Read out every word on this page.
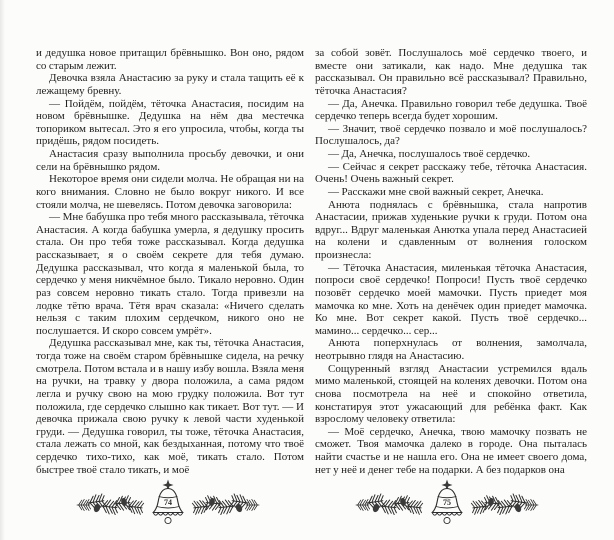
и дедушка новое притащил брёвнышко. Вон оно, рядом со старым лежит.

Девочка взяла Анастасию за руку и стала тащить её к лежащему бревну.

— Пойдём, пойдём, тёточка Анастасия, посидим на новом брёвнышке. Дедушка на нём два местечка топориком вытесал. Это я его упросила, чтобы, когда ты придёшь, рядом посидеть.

Анастасия сразу выполнила просьбу девочки, и они сели на брёвнышко рядом.

Некоторое время они сидели молча. Не обращая ни на кого внимания. Словно не было вокруг никого. И все стояли молча, не шевелясь. Потом девочка заговорила:

— Мне бабушка про тебя много рассказывала, тёточка Анастасия. А когда бабушка умерла, я дедушку просить стала. Он про тебя тоже рассказывал. Когда дедушка рассказывает, я о своём секрете для тебя думаю. Дедушка рассказывал, что когда я маленькой была, то сердечко у меня никчёмное было. Тикало неровно. Один раз совсем неровно тикать стало. Тогда привезли на лодке тётю врача. Тётя врач сказала: «Ничего сделать нельзя с таким плохим сердечком, никого оно не послушается. И скоро совсем умрёт».

Дедушка рассказывал мне, как ты, тёточка Анастасия, тогда тоже на своём старом брёвнышке сидела, на речку смотрела. Потом встала и в нашу избу вошла. Взяла меня на ручки, на травку у двора положила, а сама рядом легла и ручку свою на мою грудку положила. Вот тут положила, где сердечко слышно как тикает. Вот тут. — И девочка прижала свою ручку к левой части худенькой груди. — Дедушка говорил, ты тоже, тёточка Анастасия, стала лежать со мной, как бездыханная, потому что твоё сердечко тихо-тихо, как моё, тикать стало. Потом быстрее твоё стало тикать, и моё

за собой зовёт. Послушалось моё сердечко твоего, и вместе они затикали, как надо. Мне дедушка так рассказывал. Он правильно всё рассказывал? Правильно, тёточка Анастасия?

— Да, Анечка. Правильно говорил тебе дедушка. Твоё сердечко теперь всегда будет хорошим.

— Значит, твоё сердечко позвало и моё послушалось? Послушалось, да?

— Да, Анечка, послушалось твоё сердечко.

— Сейчас я секрет расскажу тебе, тёточка Анастасия. Очень! Очень важный секрет.

— Расскажи мне свой важный секрет, Анечка.

Анюта поднялась с брёвнышка, стала напротив Анастасии, прижав худенькие ручки к груди. Потом она вдруг... Вдруг маленькая Анютка упала перед Анастасией на колени и сдавленным от волнения голоском произнесла:

— Тёточка Анастасия, миленькая тёточка Анастасия, попроси своё сердечко! Попроси! Пусть твоё сердечко позовёт сердечко моей мамочки. Пусть приедет моя мамочка ко мне. Хоть на денёчек один приедет мамочка. Ко мне. Вот секрет какой. Пусть твоё сердечко... мамино... сердечко... сер...

Анюта поперхнулась от волнения, замолчала, неотрывно глядя на Анастасию.

Сощуренный взгляд Анастасии устремился вдаль мимо маленькой, стоящей на коленях девочки. Потом она снова посмотрела на неё и спокойно ответила, констатируя этот ужасающий для ребёнка факт. Как взрослому человеку ответила:

— Моё сердечко, Анечка, твою мамочку позвать не сможет. Твоя мамочка далеко в городе. Она пыталась найти счастье и не нашла его. Она не имеет своего дома, нет у неё и денег тебе на подарки. А без подарков она

74	75
